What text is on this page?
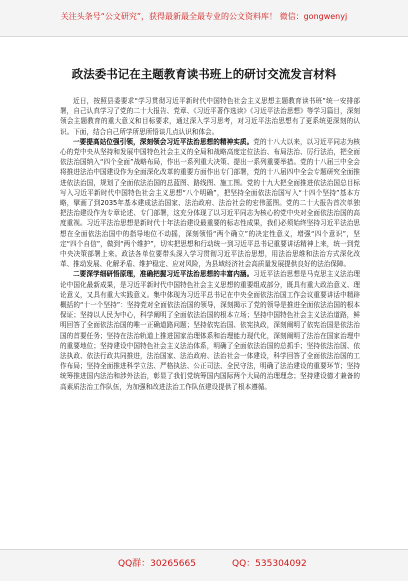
关注头条号“公文研究”，获得最新最全最专业的公文资料库！ 微信：gongwenyj
政法委书记在主题教育读书班上的研讨交流发言材料

近日，按照县委要求“学习贯彻习近平新时代中国特色社会主义思想主题教育读书班”统一安排部署，自己认真学习了党的二十大报告、党章、《习近平著作选读》《习近平法治思想》等学习篇目，深刻领会主题教育的重大意义和目标要求，通过深入学习思考，对习近平法治思想有了更系统更深刻的认识。下面，结合自己所学所思所悟谈几点认识和体会。

一要提高站位强引领，深刻领会习近平法治思想的精神实质。党的十八大以来，以习近平同志为核心的党中央从坚持和发展中国特色社会主义的全局和战略高度定位法治、布局法治、厉行法治，把全面依法治国纳入“四个全面”战略布局，作出一系列重大决策、提出一系列重要举措。党的十八届三中全会将推进法治中国建设作为全面深化改革的重要方面作出专门部署，党的十八届四中全会专题研究全面推进依法治国，规划了全面依法治国的总蓝图、路线图、施工图。党的十九大把全面推进依法治国总目标写入习近平新时代中国特色社会主义思想“八个明确”，把坚持全面依法治国写入“十四个坚持”基本方略，擘画了到2035年基本建成法治国家、法治政府、法治社会的宏伟蓝图。党的二十大报告首次单独把法治建设作为专章论述、专门部署，这充分体现了以习近平同志为核心的党中央对全面依法治国的高度重视。习近平法治思想是新时代十年法治建设最重要的标志性成果，我们必须始终坚持习近平法治思想在全面依法治国中的指导地位不动摇，深刻领悟“两个确立”的决定性意义，增强“四个意识”，坚定“四个自信”，做到“两个维护”，切实把思想和行动统一到习近平总书记重要讲话精神上来，统一到党中央决策部署上来。政法各单位要带头深入学习贯彻习近平法治思想，用法治思维和法治方式深化改革、推动发展、化解矛盾、维护稳定、应对风险，为县域经济社会高质量发展提供良好的法治保障。

二要深学细研悟原理，准确把握习近平法治思想的丰富内涵。习近平法治思想是马克思主义法治理论中国化最新成果，是习近平新时代中国特色社会主义思想的重要组成部分，既具有重大政治意义、理论意义，又具有重大实践意义。集中体现为习近平总书记在中央全面依法治国工作会议重要讲话中精辟概括的“十一个坚持”：坚持党对全面依法治国的领导，深刻揭示了党的领导是推进全面依法治国的根本保证；坚持以人民为中心，科学阐明了全面依法治国的根本立场；坚持中国特色社会主义法治道路，鲜明回答了全面依法治国的唯一正确道路问题；坚持依宪治国、依宪执政，深刻阐明了依宪治国是依法治国的首要任务；坚持在法治轨道上推进国家治理体系和治理能力现代化，深刻阐明了法治在国家治理中的重要地位；坚持建设中国特色社会主义法治体系，明确了全面依法治国的总抓手；坚持依法治国、依法执政、依法行政共同推进，法治国家、法治政府、法治社会一体建设，科学回答了全面依法治国的工作布局；坚持全面推进科学立法、严格执法、公正司法、全民守法，明确了法治建设的重要环节；坚持统筹推进国内法治和涉外法治，彰显了我们党统筹国内国际两个大局的治理理念；坚持建设德才兼备的高素质法治工作队伍，为加强和改进法治工作队伍建设提供了根本遵循。

QQ群：30265665	QQ：535304092
